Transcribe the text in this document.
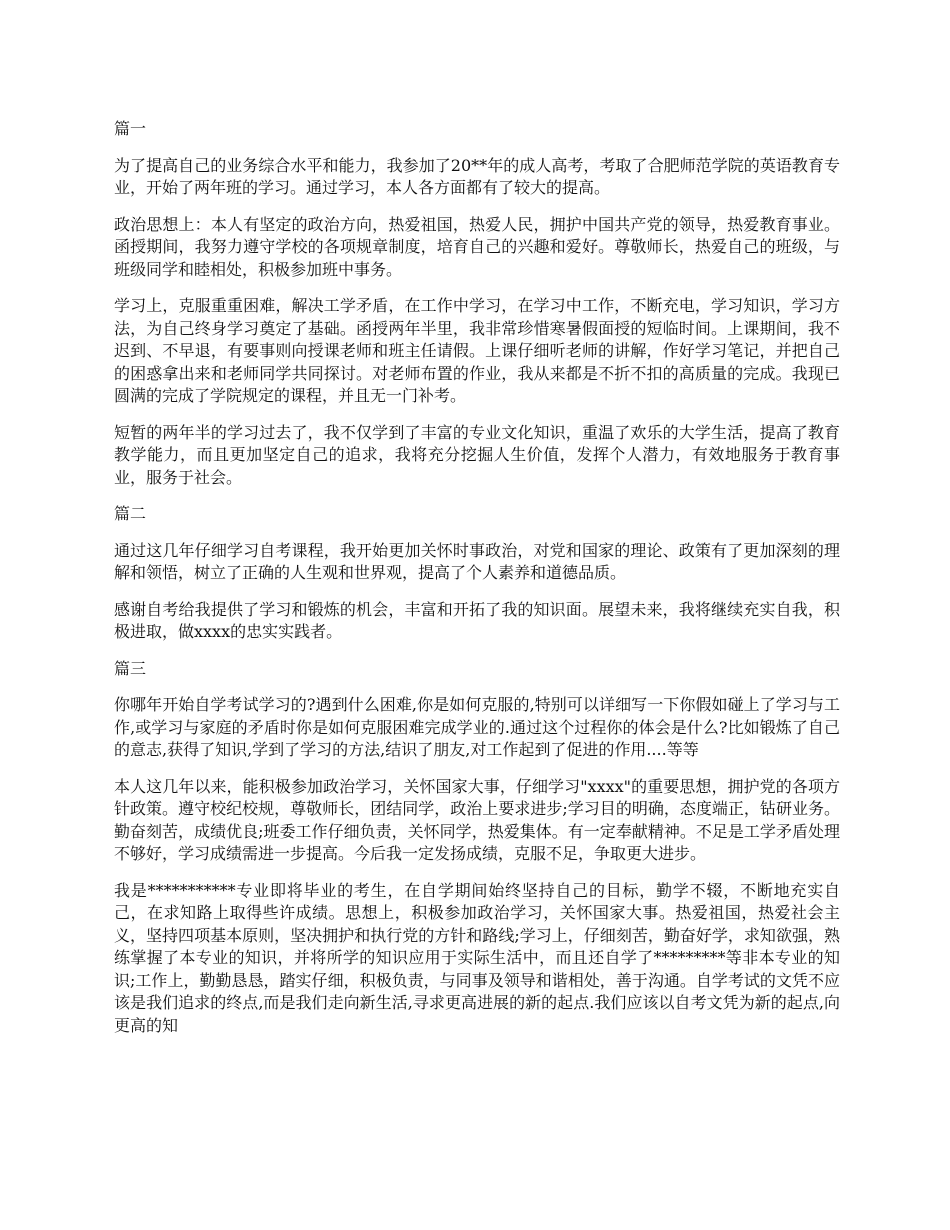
篇一

为了提高自己的业务综合水平和能力，我参加了20**年的成人高考，考取了合肥师范学院的英语教育专业，开始了两年班的学习。通过学习，本人各方面都有了较大的提高。

政治思想上：本人有坚定的政治方向，热爱祖国，热爱人民，拥护中国共产党的领导，热爱教育事业。函授期间，我努力遵守学校的各项规章制度，培育自己的兴趣和爱好。尊敬师长，热爱自己的班级，与班级同学和睦相处，积极参加班中事务。

学习上，克服重重困难，解决工学矛盾，在工作中学习，在学习中工作，不断充电，学习知识，学习方法，为自己终身学习奠定了基础。函授两年半里，我非常珍惜寒暑假面授的短临时间。上课期间，我不迟到、不早退，有要事则向授课老师和班主任请假。上课仔细听老师的讲解，作好学习笔记，并把自己的困惑拿出来和老师同学共同探讨。对老师布置的作业，我从来都是不折不扣的高质量的完成。我现已圆满的完成了学院规定的课程，并且无一门补考。

短暂的两年半的学习过去了，我不仅学到了丰富的专业文化知识，重温了欢乐的大学生活，提高了教育教学能力，而且更加坚定自己的追求，我将充分挖掘人生价值，发挥个人潜力，有效地服务于教育事业，服务于社会。

篇二

通过这几年仔细学习自考课程，我开始更加关怀时事政治，对党和国家的理论、政策有了更加深刻的理解和领悟，树立了正确的人生观和世界观，提高了个人素养和道德品质。

感谢自考给我提供了学习和锻炼的机会，丰富和开拓了我的知识面。展望未来，我将继续充实自我，积极进取，做xxxx的忠实实践者。

篇三

你哪年开始自学考试学习的?遇到什么困难,你是如何克服的,特别可以详细写一下你假如碰上了学习与工作,或学习与家庭的矛盾时你是如何克服困难完成学业的.通过这个过程你的体会是什么?比如锻炼了自己的意志,获得了知识,学到了学习的方法,结识了朋友,对工作起到了促进的作用....等等

本人这几年以来，能积极参加政治学习，关怀国家大事，仔细学习"xxxx"的重要思想，拥护党的各项方针政策。遵守校纪校规，尊敬师长，团结同学，政治上要求进步;学习目的明确，态度端正，钻研业务。勤奋刻苦，成绩优良;班委工作仔细负责，关怀同学，热爱集体。有一定奉献精神。不足是工学矛盾处理不够好，学习成绩需进一步提高。今后我一定发扬成绩，克服不足，争取更大进步。

我是***********专业即将毕业的考生，在自学期间始终坚持自己的目标，勤学不辍，不断地充实自己，在求知路上取得些许成绩。思想上，积极参加政治学习，关怀国家大事。热爱祖国，热爱社会主义，坚持四项基本原则，坚决拥护和执行党的方针和路线;学习上，仔细刻苦，勤奋好学，求知欲强，熟练掌握了本专业的知识，并将所学的知识应用于实际生活中，而且还自学了*********等非本专业的知识;工作上，勤勤恳恳，踏实仔细，积极负责，与同事及领导和谐相处，善于沟通。自学考试的文凭不应该是我们追求的终点,而是我们走向新生活,寻求更高进展的新的起点.我们应该以自考文凭为新的起点,向更高的知
